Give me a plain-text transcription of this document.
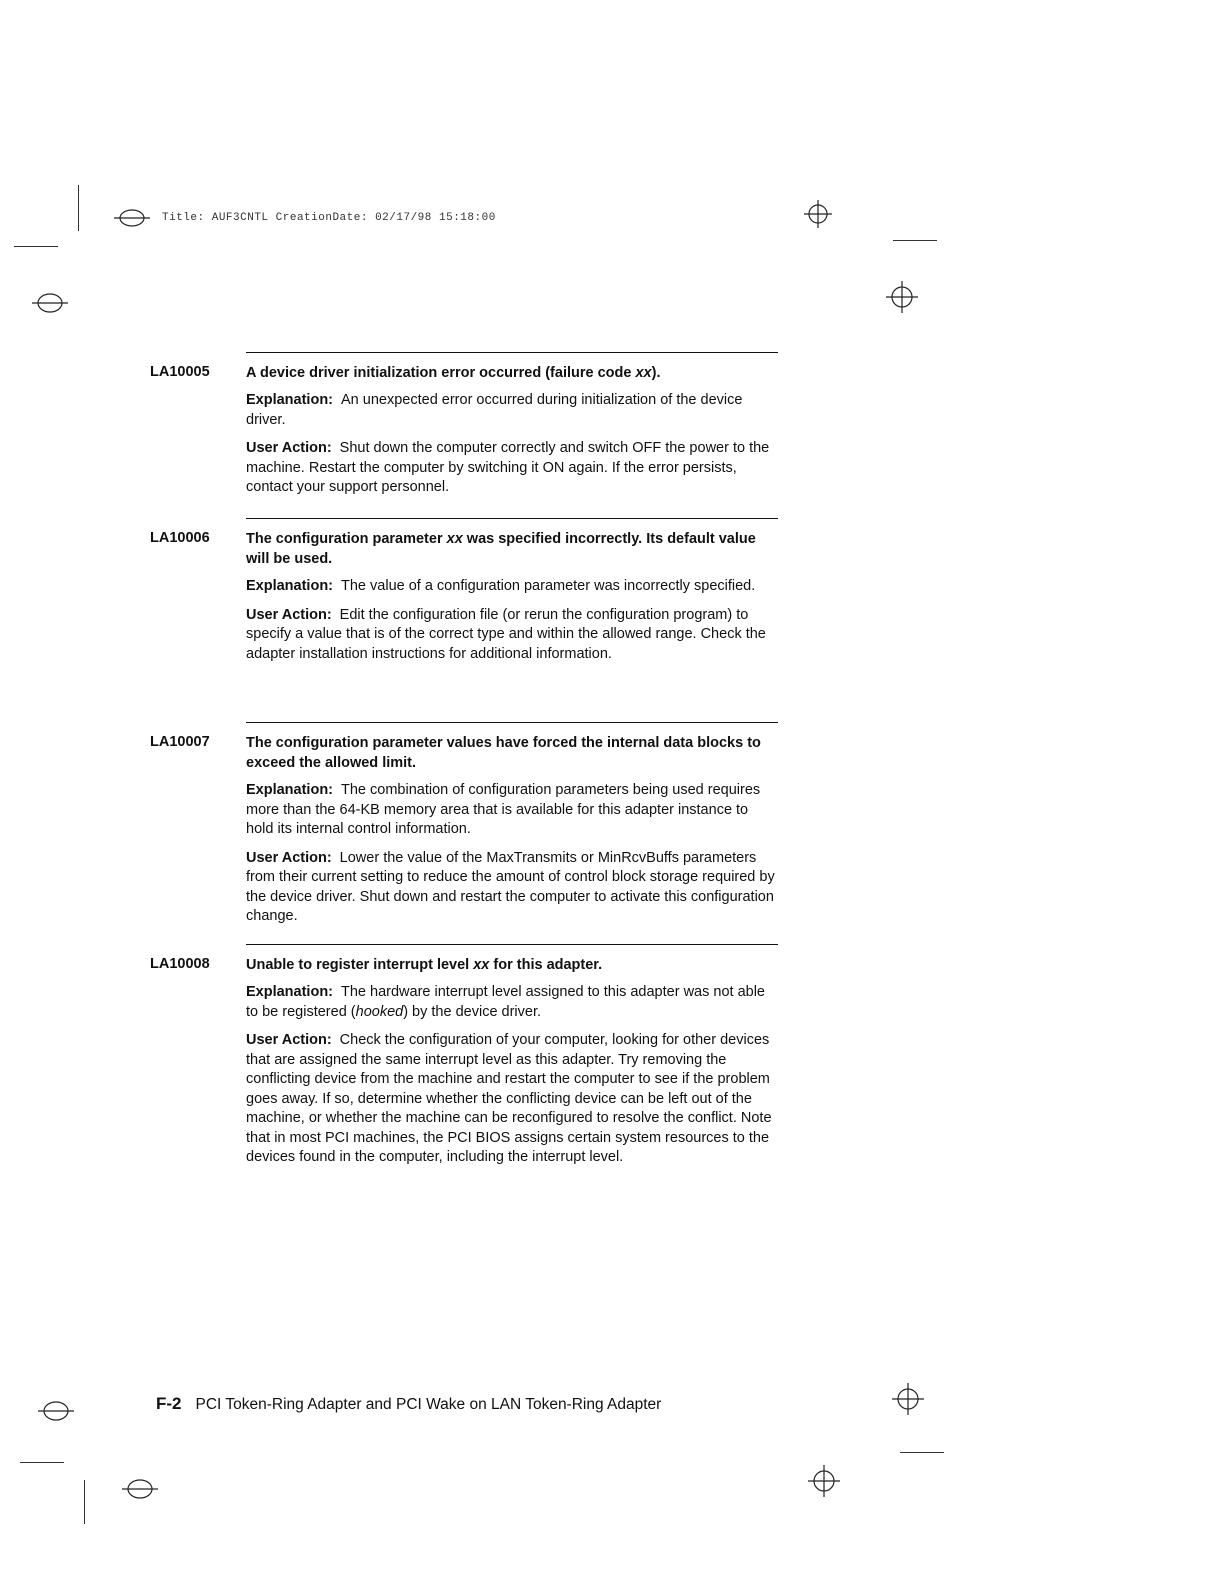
Title: AUF3CNTL CreationDate: 02/17/98 15:18:00
LA10005	A device driver initialization error occurred (failure code xx).

Explanation: An unexpected error occurred during initialization of the device driver.

User Action: Shut down the computer correctly and switch OFF the power to the machine. Restart the computer by switching it ON again. If the error persists, contact your support personnel.

LA10006	The configuration parameter xx was specified incorrectly. Its default value will be used.

Explanation: The value of a configuration parameter was incorrectly specified.

User Action: Edit the configuration file (or rerun the configuration program) to specify a value that is of the correct type and within the allowed range. Check the adapter installation instructions for additional information.

LA10007	The configuration parameter values have forced the internal data blocks to exceed the allowed limit.

Explanation: The combination of configuration parameters being used requires more than the 64-KB memory area that is available for this adapter instance to hold its internal control information.

User Action: Lower the value of the MaxTransmits or MinRcvBuffs parameters from their current setting to reduce the amount of control block storage required by the device driver. Shut down and restart the computer to activate this configuration change.

LA10008	Unable to register interrupt level xx for this adapter.

Explanation: The hardware interrupt level assigned to this adapter was not able to be registered (hooked) by the device driver.

User Action: Check the configuration of your computer, looking for other devices that are assigned the same interrupt level as this adapter. Try removing the conflicting device from the machine and restart the computer to see if the problem goes away. If so, determine whether the conflicting device can be left out of the machine, or whether the machine can be reconfigured to resolve the conflict. Note that in most PCI machines, the PCI BIOS assigns certain system resources to the devices found in the computer, including the interrupt level.

F-2 PCI Token-Ring Adapter and PCI Wake on LAN Token-Ring Adapter
